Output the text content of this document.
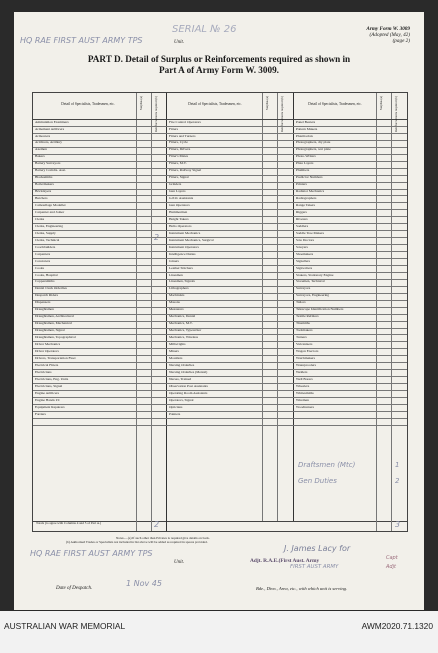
SERIAL № 26
HQ RAE FIRST AUST ARMY TPS	Unit.
Army Form W. 3009
(Adopted (May, 42)
(page 2)
PART D. Detail of Surplus or Reinforcements required as shown in
Part A of Army Form W. 3009.
Detail of Specialists, Tradesmen, etc.	Surplus (a)	Reinforcements required (b)	Detail of Specialists, Tradesmen, etc.	Surplus (a)	Reinforcements required (b)	Detail of Specialists, Tradesmen, etc.	Surplus (a)	Reinforcements required (b)
2
Draftsmen (Mtc)	1
Gen Duties	2
Ammunition Examiners
Armament Artificers
Armourers
Artificers, Artillery
Axemen
Bakers
Battery Surveyors
Battery Comdrs. Asst.
Blacksmiths
Boilermakers
Bricklayers
Butchers
Camouflage Modeller
Carpenter and Joiner
Clerks
Clerks, Engineering
Clerks, Supply
Clerks, Technical
Coachbuilders
Carpenters
Concreters
Cooks
Cooks, Hospital
Coppersmiths
Dental Clerk Orderlies
Despatch Riders
Dispensers
Draughtsmen
Draughtsmen, Architectural
Draughtsmen, Mechanical
Draughtsmen, Signal
Draughtsmen, Topographical
Driver Mechanics
Driver Operators
Drivers, Transportation Fleet
Electrical Fitters
Electricians
Electricians, Eng. Units
Electricians, Signal
Engine Artificers
Engine Hands I/C
Equipment Repairers
Farriers
Fire Control Operators
Fitters
Fitters and Turners
Fitters, Cycle
Fitters, Drivers
Fitter's Mates
Fitters, M.V.
Fitters, Railway Signal
Fitters, Signal
Grinders
Gun Layers
G.P.O. Assistants
Gun Operators
Hammermen
Height Takers
Helio Operators
Instrument Mechanics
Instrument Mechanics, Surgical
Instrument Operators
Intelligence Duties
Joiners
Leather Stitchers
Linesmen
Linesmen, Signals
Lithographers
Machinists
Masons
Measurers
Mechanics, Dental
Mechanics, M.T.
Mechanics, Typewriter
Mechanics, Wireless
Millwrights
Miners
Moulders
Nursing Orderlies
Nursing Orderlies (Mental)
Nurses, Trained
Observation Post Assistants
Operating Room Assistants
Operators, Signal
Opticians
Painters
Panel Beaters
Pattern Makers
Pharmacists
Photographers, dry plate
Photographers, wet plate
Photo-Writers
Plate Layers
Plumbers
Predictor Numbers
Printers
Radiator Mechanics
Radiographers
Range Takers
Riggers
Riveters
Saddlers
Saddle Tree Makers
Saw Doctors
Sawyers
Shoemakers
Signallers
Signwriters
Stokers, Stationary Engine
Storemen, Technical
Surveyors
Surveyors, Engineering
Tailors
Telescope Identification Numbers
Textile Refitters
Tinsmiths
Toolmakers
Turners
Vulcanisers
Wagon Erectors
Watchmakers
Waterproofers
Welders
Well Borers
Wheelers
Whitesmiths
Wiremen
Woodturners
Totals (to agree with Columns 4 and 5 of Part A.)	2	3
Notes.—(a) If such other than Privates is required give details on back.
(b) Authorised Trades or Specialists not included in list above will be added as required in spaces provided.
HQ RAE FIRST AUST ARMY TPS
Unit.
J. James Lacy for
Capt
Adjt
Adjt. R.A.E.(First Aust. Army
FIRST AUST ARMY
Date of Despatch.
1 Nov 45
Bde., Divn., Area, etc., with which unit is serving.
AUSTRALIAN WAR MEMORIAL	AWM2020.71.1320
